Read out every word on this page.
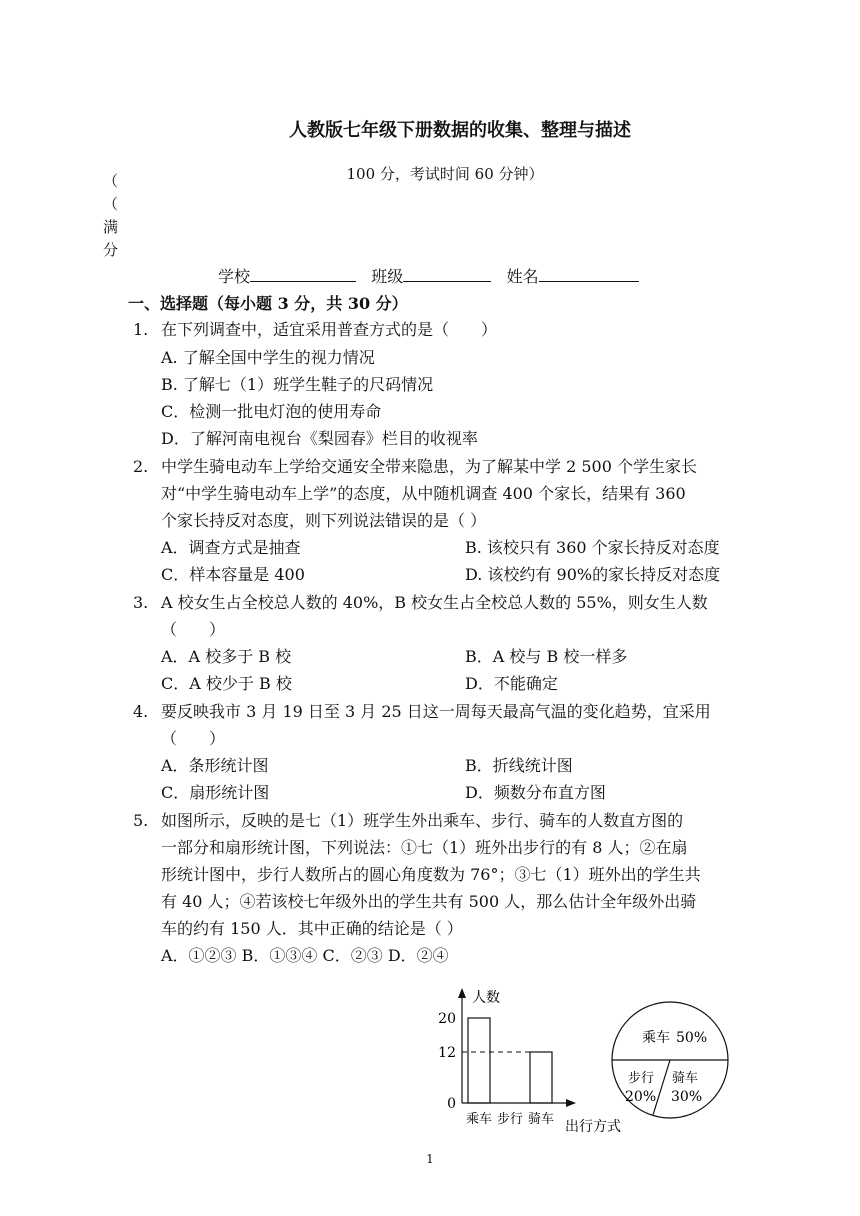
人教版七年级下册数据的收集、整理与描述
100 分，考试时间 60 分钟）
（
（
满
分
学校	班级	姓名
一、选择题（每小题 3 分，共 30 分）
1. 在下列调查中，适宜采用普查方式的是（　　）
A. 了解全国中学生的视力情况
B. 了解七（1）班学生鞋子的尺码情况
C．检测一批电灯泡的使用寿命
D．了解河南电视台《梨园春》栏目的收视率
2. 中学生骑电动车上学给交通安全带来隐患，为了解某中学 2 500 个学生家长
对“中学生骑电动车上学”的态度，从中随机调查 400 个家长，结果有 360
个家长持反对态度，则下列说法错误的是（ ）
A．调查方式是抽查	B. 该校只有 360 个家长持反对态度
C．样本容量是 400	D. 该校约有 90%的家长持反对态度
3. A 校女生占全校总人数的 40%，B 校女生占全校总人数的 55%，则女生人数
（　　）
A．A 校多于 B 校	B．A 校与 B 校一样多
C．A 校少于 B 校	D．不能确定
4. 要反映我市 3 月 19 日至 3 月 25 日这一周每天最高气温的变化趋势，宜采用
（　　）
A．条形统计图	B．折线统计图
C．扇形统计图	D．频数分布直方图
5. 如图所示，反映的是七（1）班学生外出乘车、步行、骑车的人数直方图的
一部分和扇形统计图，下列说法：①七（1）班外出步行的有 8 人；②在扇
形统计图中，步行人数所占的圆心角度数为 76°；③七（1）班外出的学生共
有 40 人；④若该校七年级外出的学生共有 500 人，那么估计全年级外出骑
车的约有 150 人．其中正确的结论是（ ）
A．①②③ B．①③④ C．②③ D．②④
人数
出行方式
0
12
20
乘车 步行 骑车
乘车 50%
步行
20%
骑车
30%
1
